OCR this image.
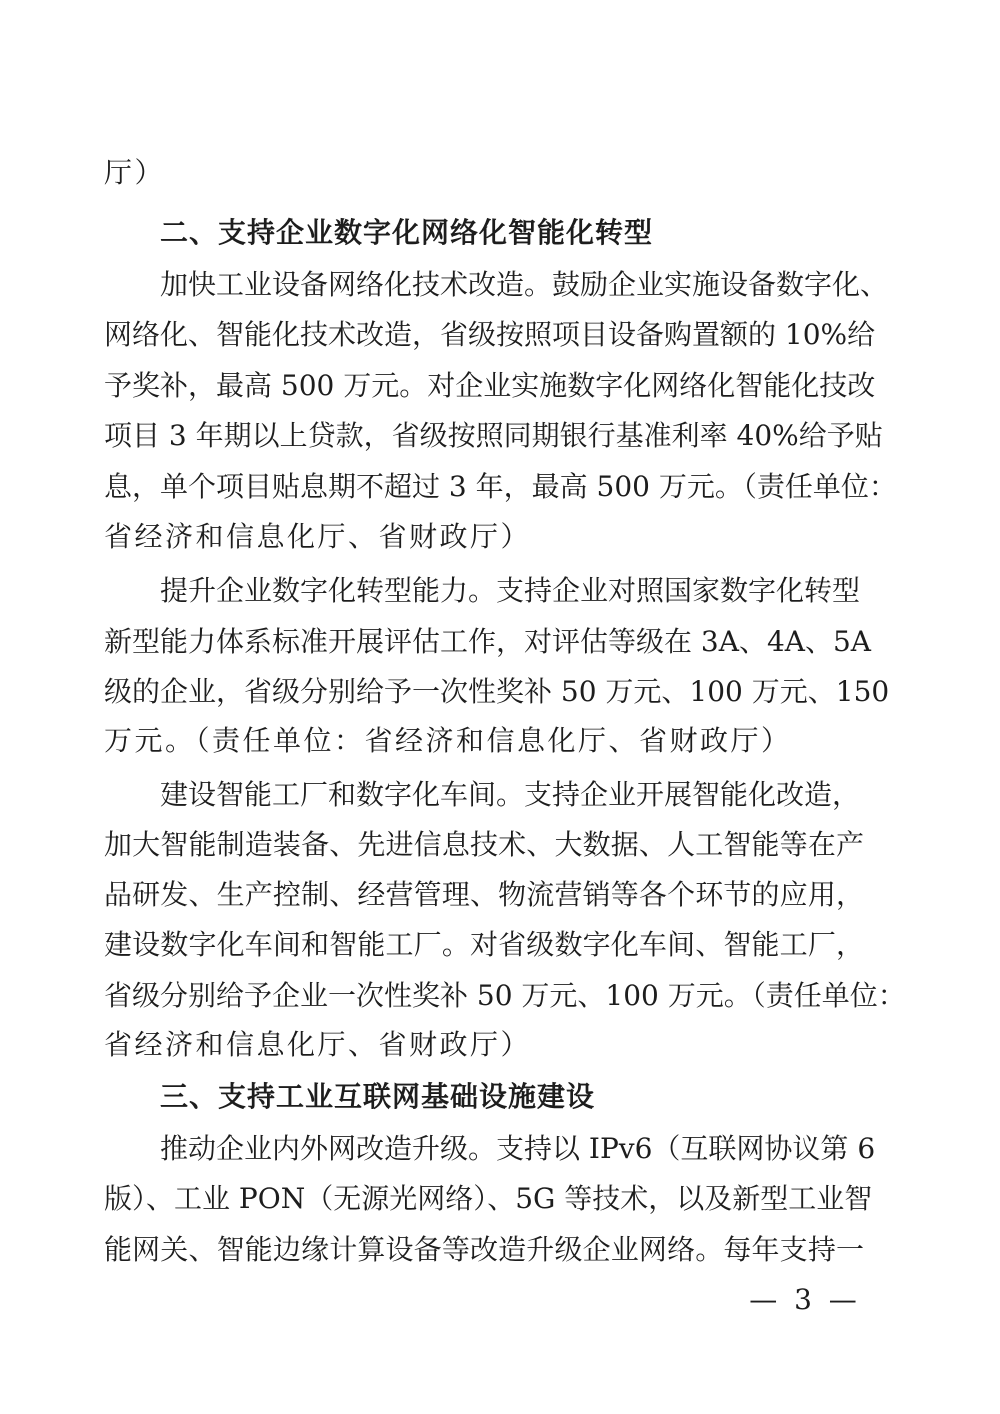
厅）
二、支持企业数字化网络化智能化转型
加快工业设备网络化技术改造。鼓励企业实施设备数字化、
网络化、智能化技术改造，省级按照项目设备购置额的 10%给
予奖补，最高 500 万元。对企业实施数字化网络化智能化技改
项目 3 年期以上贷款，省级按照同期银行基准利率 40%给予贴
息，单个项目贴息期不超过 3 年，最高 500 万元。（责任单位：
省经济和信息化厅、省财政厅）
提升企业数字化转型能力。支持企业对照国家数字化转型
新型能力体系标准开展评估工作，对评估等级在 3A、4A、5A
级的企业，省级分别给予一次性奖补 50 万元、100 万元、150
万元。（责任单位：省经济和信息化厅、省财政厅）
建设智能工厂和数字化车间。支持企业开展智能化改造，
加大智能制造装备、先进信息技术、大数据、人工智能等在产
品研发、生产控制、经营管理、物流营销等各个环节的应用，
建设数字化车间和智能工厂。对省级数字化车间、智能工厂，
省级分别给予企业一次性奖补 50 万元、100 万元。（责任单位：
省经济和信息化厅、省财政厅）
三、支持工业互联网基础设施建设
推动企业内外网改造升级。支持以 IPv6（互联网协议第 6
版）、工业 PON（无源光网络）、5G 等技术，以及新型工业智
能网关、智能边缘计算设备等改造升级企业网络。每年支持一
— 3 —
